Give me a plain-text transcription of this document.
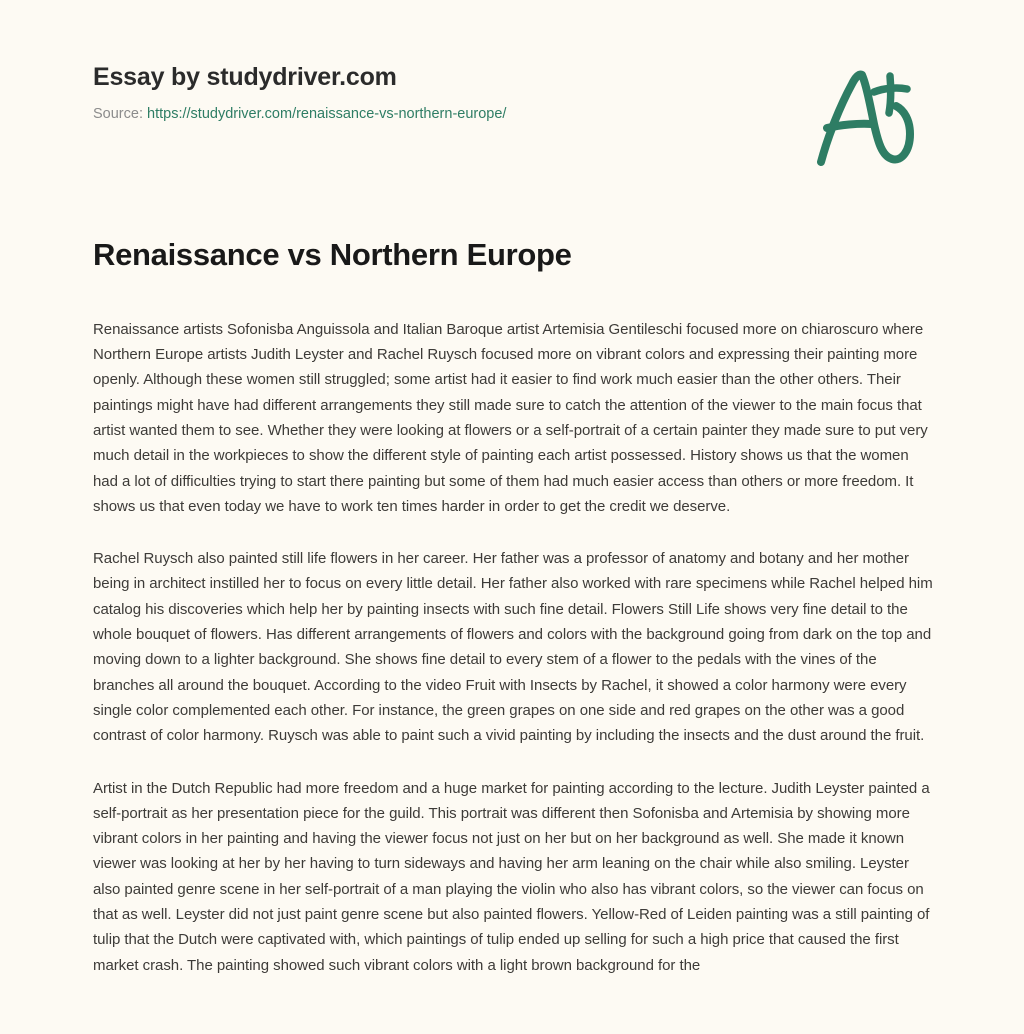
Essay by studydriver.com
Source: https://studydriver.com/renaissance-vs-northern-europe/
Renaissance vs Northern Europe

Renaissance artists Sofonisba Anguissola and Italian Baroque artist Artemisia Gentileschi focused more on chiaroscuro where Northern Europe artists Judith Leyster and Rachel Ruysch focused more on vibrant colors and expressing their painting more openly. Although these women still struggled; some artist had it easier to find work much easier than the other others. Their paintings might have had different arrangements they still made sure to catch the attention of the viewer to the main focus that artist wanted them to see. Whether they were looking at flowers or a self-portrait of a certain painter they made sure to put very much detail in the workpieces to show the different style of painting each artist possessed. History shows us that the women had a lot of difficulties trying to start there painting but some of them had much easier access than others or more freedom. It shows us that even today we have to work ten times harder in order to get the credit we deserve.

Rachel Ruysch also painted still life flowers in her career. Her father was a professor of anatomy and botany and her mother being in architect instilled her to focus on every little detail. Her father also worked with rare specimens while Rachel helped him catalog his discoveries which help her by painting insects with such fine detail. Flowers Still Life shows very fine detail to the whole bouquet of flowers. Has different arrangements of flowers and colors with the background going from dark on the top and moving down to a lighter background. She shows fine detail to every stem of a flower to the pedals with the vines of the branches all around the bouquet. According to the video Fruit with Insects by Rachel, it showed a color harmony were every single color complemented each other. For instance, the green grapes on one side and red grapes on the other was a good contrast of color harmony. Ruysch was able to paint such a vivid painting by including the insects and the dust around the fruit.

Artist in the Dutch Republic had more freedom and a huge market for painting according to the lecture. Judith Leyster painted a self-portrait as her presentation piece for the guild. This portrait was different then Sofonisba and Artemisia by showing more vibrant colors in her painting and having the viewer focus not just on her but on her background as well. She made it known viewer was looking at her by her having to turn sideways and having her arm leaning on the chair while also smiling. Leyster also painted genre scene in her self-portrait of a man playing the violin who also has vibrant colors, so the viewer can focus on that as well. Leyster did not just paint genre scene but also painted flowers. Yellow-Red of Leiden painting was a still painting of tulip that the Dutch were captivated with, which paintings of tulip ended up selling for such a high price that caused the first market crash. The painting showed such vibrant colors with a light brown background for the
